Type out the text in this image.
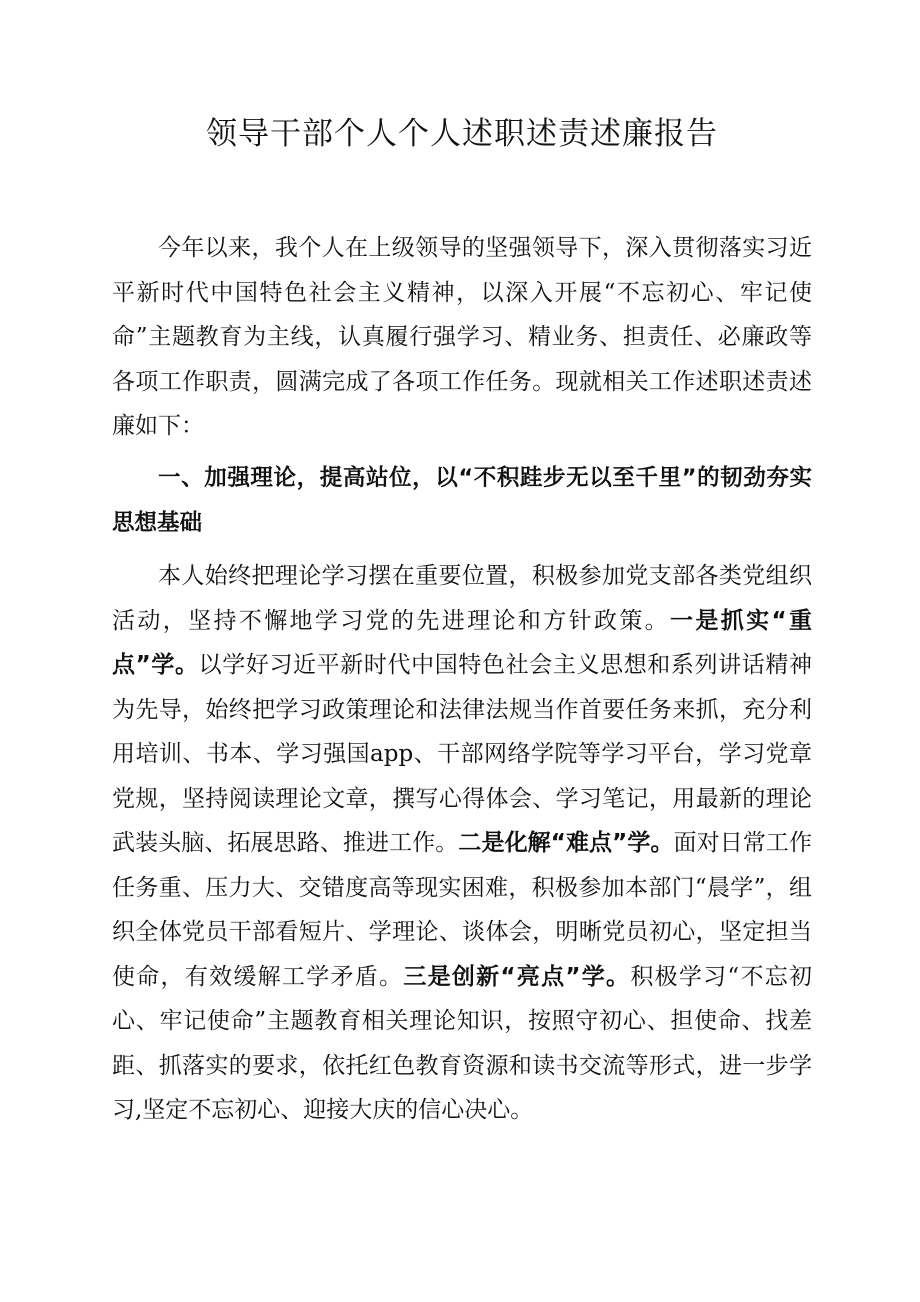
领导干部个人个人述职述责述廉报告

今年以来，我个人在上级领导的坚强领导下，深入贯彻落实习近平新时代中国特色社会主义精神，以深入开展“不忘初心、牢记使命”主题教育为主线，认真履行强学习、精业务、担责任、必廉政等各项工作职责，圆满完成了各项工作任务。现就相关工作述职述责述廉如下：

一、加强理论，提高站位，以“不积跬步无以至千里”的韧劲夯实思想基础

本人始终把理论学习摆在重要位置，积极参加党支部各类党组织活动，坚持不懈地学习党的先进理论和方针政策。一是抓实“重点”学。以学好习近平新时代中国特色社会主义思想和系列讲话精神为先导，始终把学习政策理论和法律法规当作首要任务来抓，充分利用培训、书本、学习强国app、干部网络学院等学习平台，学习党章党规，坚持阅读理论文章，撰写心得体会、学习笔记，用最新的理论武装头脑、拓展思路、推进工作。二是化解“难点”学。面对日常工作任务重、压力大、交错度高等现实困难，积极参加本部门“晨学”，组织全体党员干部看短片、学理论、谈体会，明晰党员初心，坚定担当使命，有效缓解工学矛盾。三是创新“亮点”学。积极学习“不忘初心、牢记使命”主题教育相关理论知识，按照守初心、担使命、找差距、抓落实的要求，依托红色教育资源和读书交流等形式，进一步学习,坚定不忘初心、迎接大庆的信心决心。
